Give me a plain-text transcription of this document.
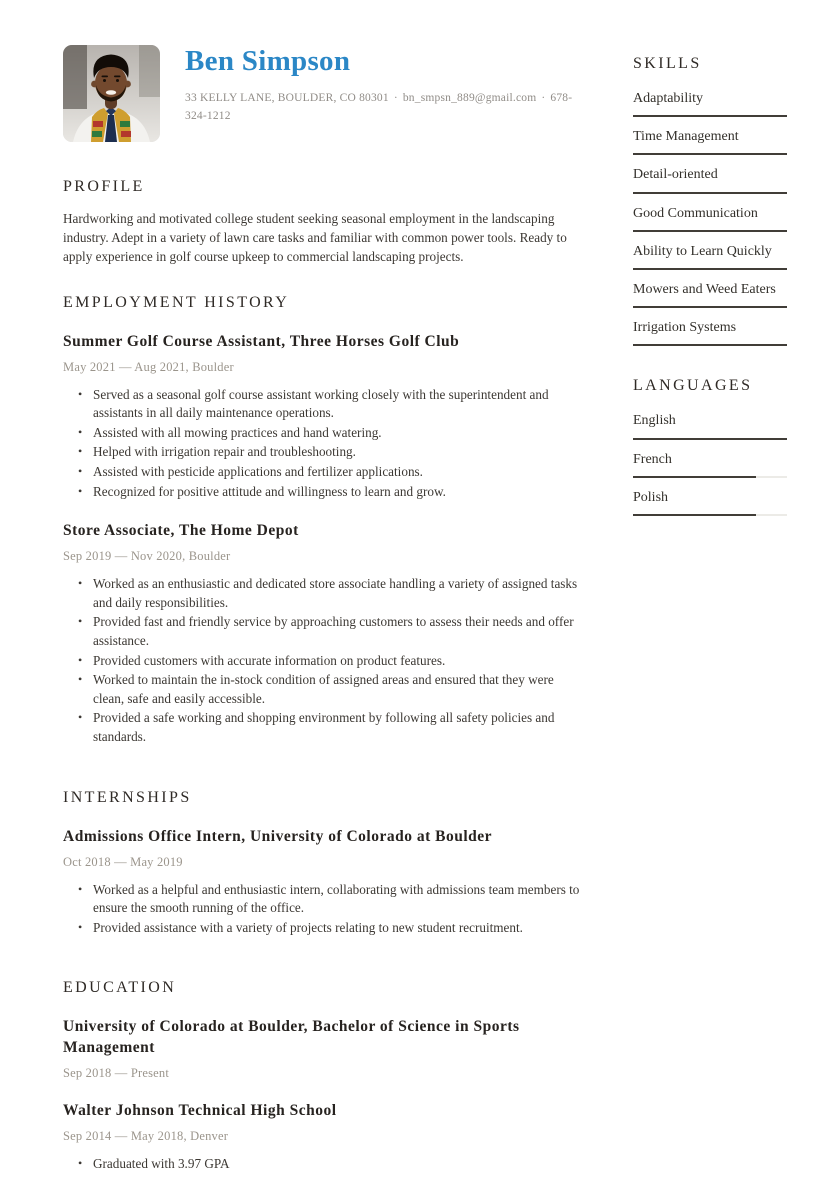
Ben Simpson
33 KELLY LANE, BOULDER, CO 80301 · bn_smpsn_889@gmail.com · 678-324-1212
PROFILE
Hardworking and motivated college student seeking seasonal employment in the landscaping industry. Adept in a variety of lawn care tasks and familiar with common power tools. Ready to apply experience in golf course upkeep to commercial landscaping projects.
EMPLOYMENT HISTORY
Summer Golf Course Assistant, Three Horses Golf Club
May 2021 — Aug 2021, Boulder
• Served as a seasonal golf course assistant working closely with the superintendent and assistants in all daily maintenance operations.
• Assisted with all mowing practices and hand watering.
• Helped with irrigation repair and troubleshooting.
• Assisted with pesticide applications and fertilizer applications.
• Recognized for positive attitude and willingness to learn and grow.
Store Associate, The Home Depot
Sep 2019 — Nov 2020, Boulder
• Worked as an enthusiastic and dedicated store associate handling a variety of assigned tasks and daily responsibilities.
• Provided fast and friendly service by approaching customers to assess their needs and offer assistance.
• Provided customers with accurate information on product features.
• Worked to maintain the in-stock condition of assigned areas and ensured that they were clean, safe and easily accessible.
• Provided a safe working and shopping environment by following all safety policies and standards.
INTERNSHIPS
Admissions Office Intern, University of Colorado at Boulder
Oct 2018 — May 2019
• Worked as a helpful and enthusiastic intern, collaborating with admissions team members to ensure the smooth running of the office.
• Provided assistance with a variety of projects relating to new student recruitment.
EDUCATION
University of Colorado at Boulder, Bachelor of Science in Sports Management
Sep 2018 — Present
Walter Johnson Technical High School
Sep 2014 — May 2018, Denver
• Graduated with 3.97 GPA
SKILLS
Adaptability
Time Management
Detail-oriented
Good Communication
Ability to Learn Quickly
Mowers and Weed Eaters
Irrigation Systems
LANGUAGES
English
French
Polish
